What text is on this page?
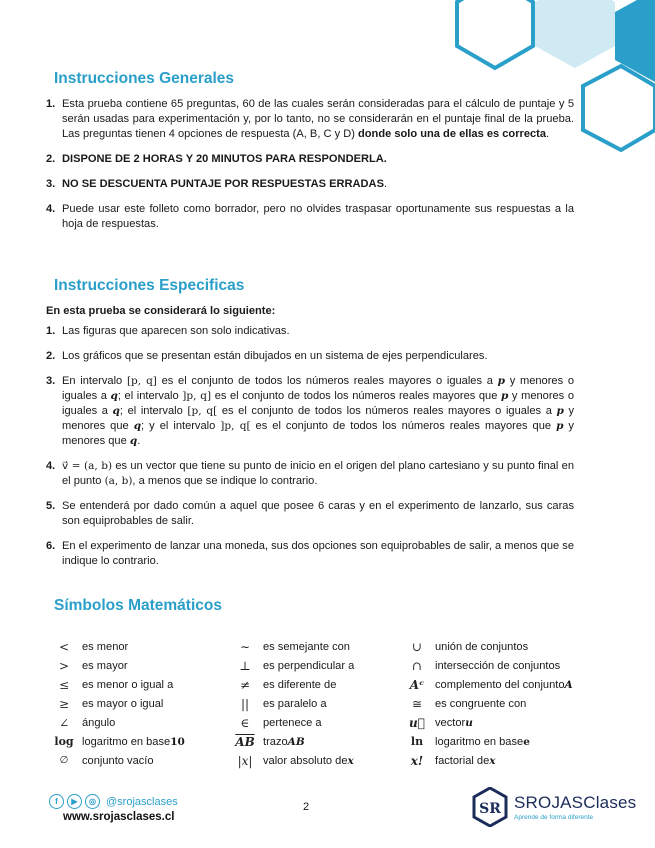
Instrucciones Generales
1. Esta prueba contiene 65 preguntas, 60 de las cuales serán consideradas para el cálculo de puntaje y 5 serán usadas para experimentación y, por lo tanto, no se considerarán en el puntaje final de la prueba. Las preguntas tienen 4 opciones de respuesta (A, B, C y D) donde solo una de ellas es correcta.
2. DISPONE DE 2 HORAS Y 20 MINUTOS PARA RESPONDERLA.
3. NO SE DESCUENTA PUNTAJE POR RESPUESTAS ERRADAS.
4. Puede usar este folleto como borrador, pero no olvides traspasar oportunamente sus respuestas a la hoja de respuestas.
Instrucciones Especificas

En esta prueba se considerará lo siguiente:

1. Las figuras que aparecen son solo indicativas.
2. Los gráficos que se presentan están dibujados en un sistema de ejes perpendiculares.
3. En intervalo [p, q] es el conjunto de todos los números reales mayores o iguales a p y menores o iguales a q; el intervalo ]p, q] es el conjunto de todos los números reales mayores que p y menores o iguales a q; el intervalo [p, q[ es el conjunto de todos los números reales mayores o iguales a p y menores que q; y el intervalo ]p, q[ es el conjunto de todos los números reales mayores que p y menores que q.
4. v⃗ = (a, b) es un vector que tiene su punto de inicio en el origen del plano cartesiano y su punto final en el punto (a, b), a menos que se indique lo contrario.
5. Se entenderá por dado común a aquel que posee 6 caras y en el experimento de lanzarlo, sus caras son equiprobables de salir.
6. En el experimento de lanzar una moneda, sus dos opciones son equiprobables de salir, a menos que se indique lo contrario.
Símbolos Matemáticos
<	es menor	∼	es semejante con	∪	unión de conjuntos
>	es mayor	⊥	es perpendicular a	∩	intersección de conjuntos
≤	es menor o igual a	≠	es diferente de	Aᶜ complemento del conjunto A
≥	es mayor o igual	||	es paralelo a	≅	es congruente con
∠	ángulo	∈	pertenece a	u⃗ vector u
log logaritmo en base 10	$\overline{AB}$ trazo AB	ln	logaritmo en base e
∅	conjunto vacío	|x| valor absoluto de x	x!	factorial de x
f	▶	◎ @srojasclases
www.srojasclases.cl
2	SR SROJASClases
Aprende de forma diferente
